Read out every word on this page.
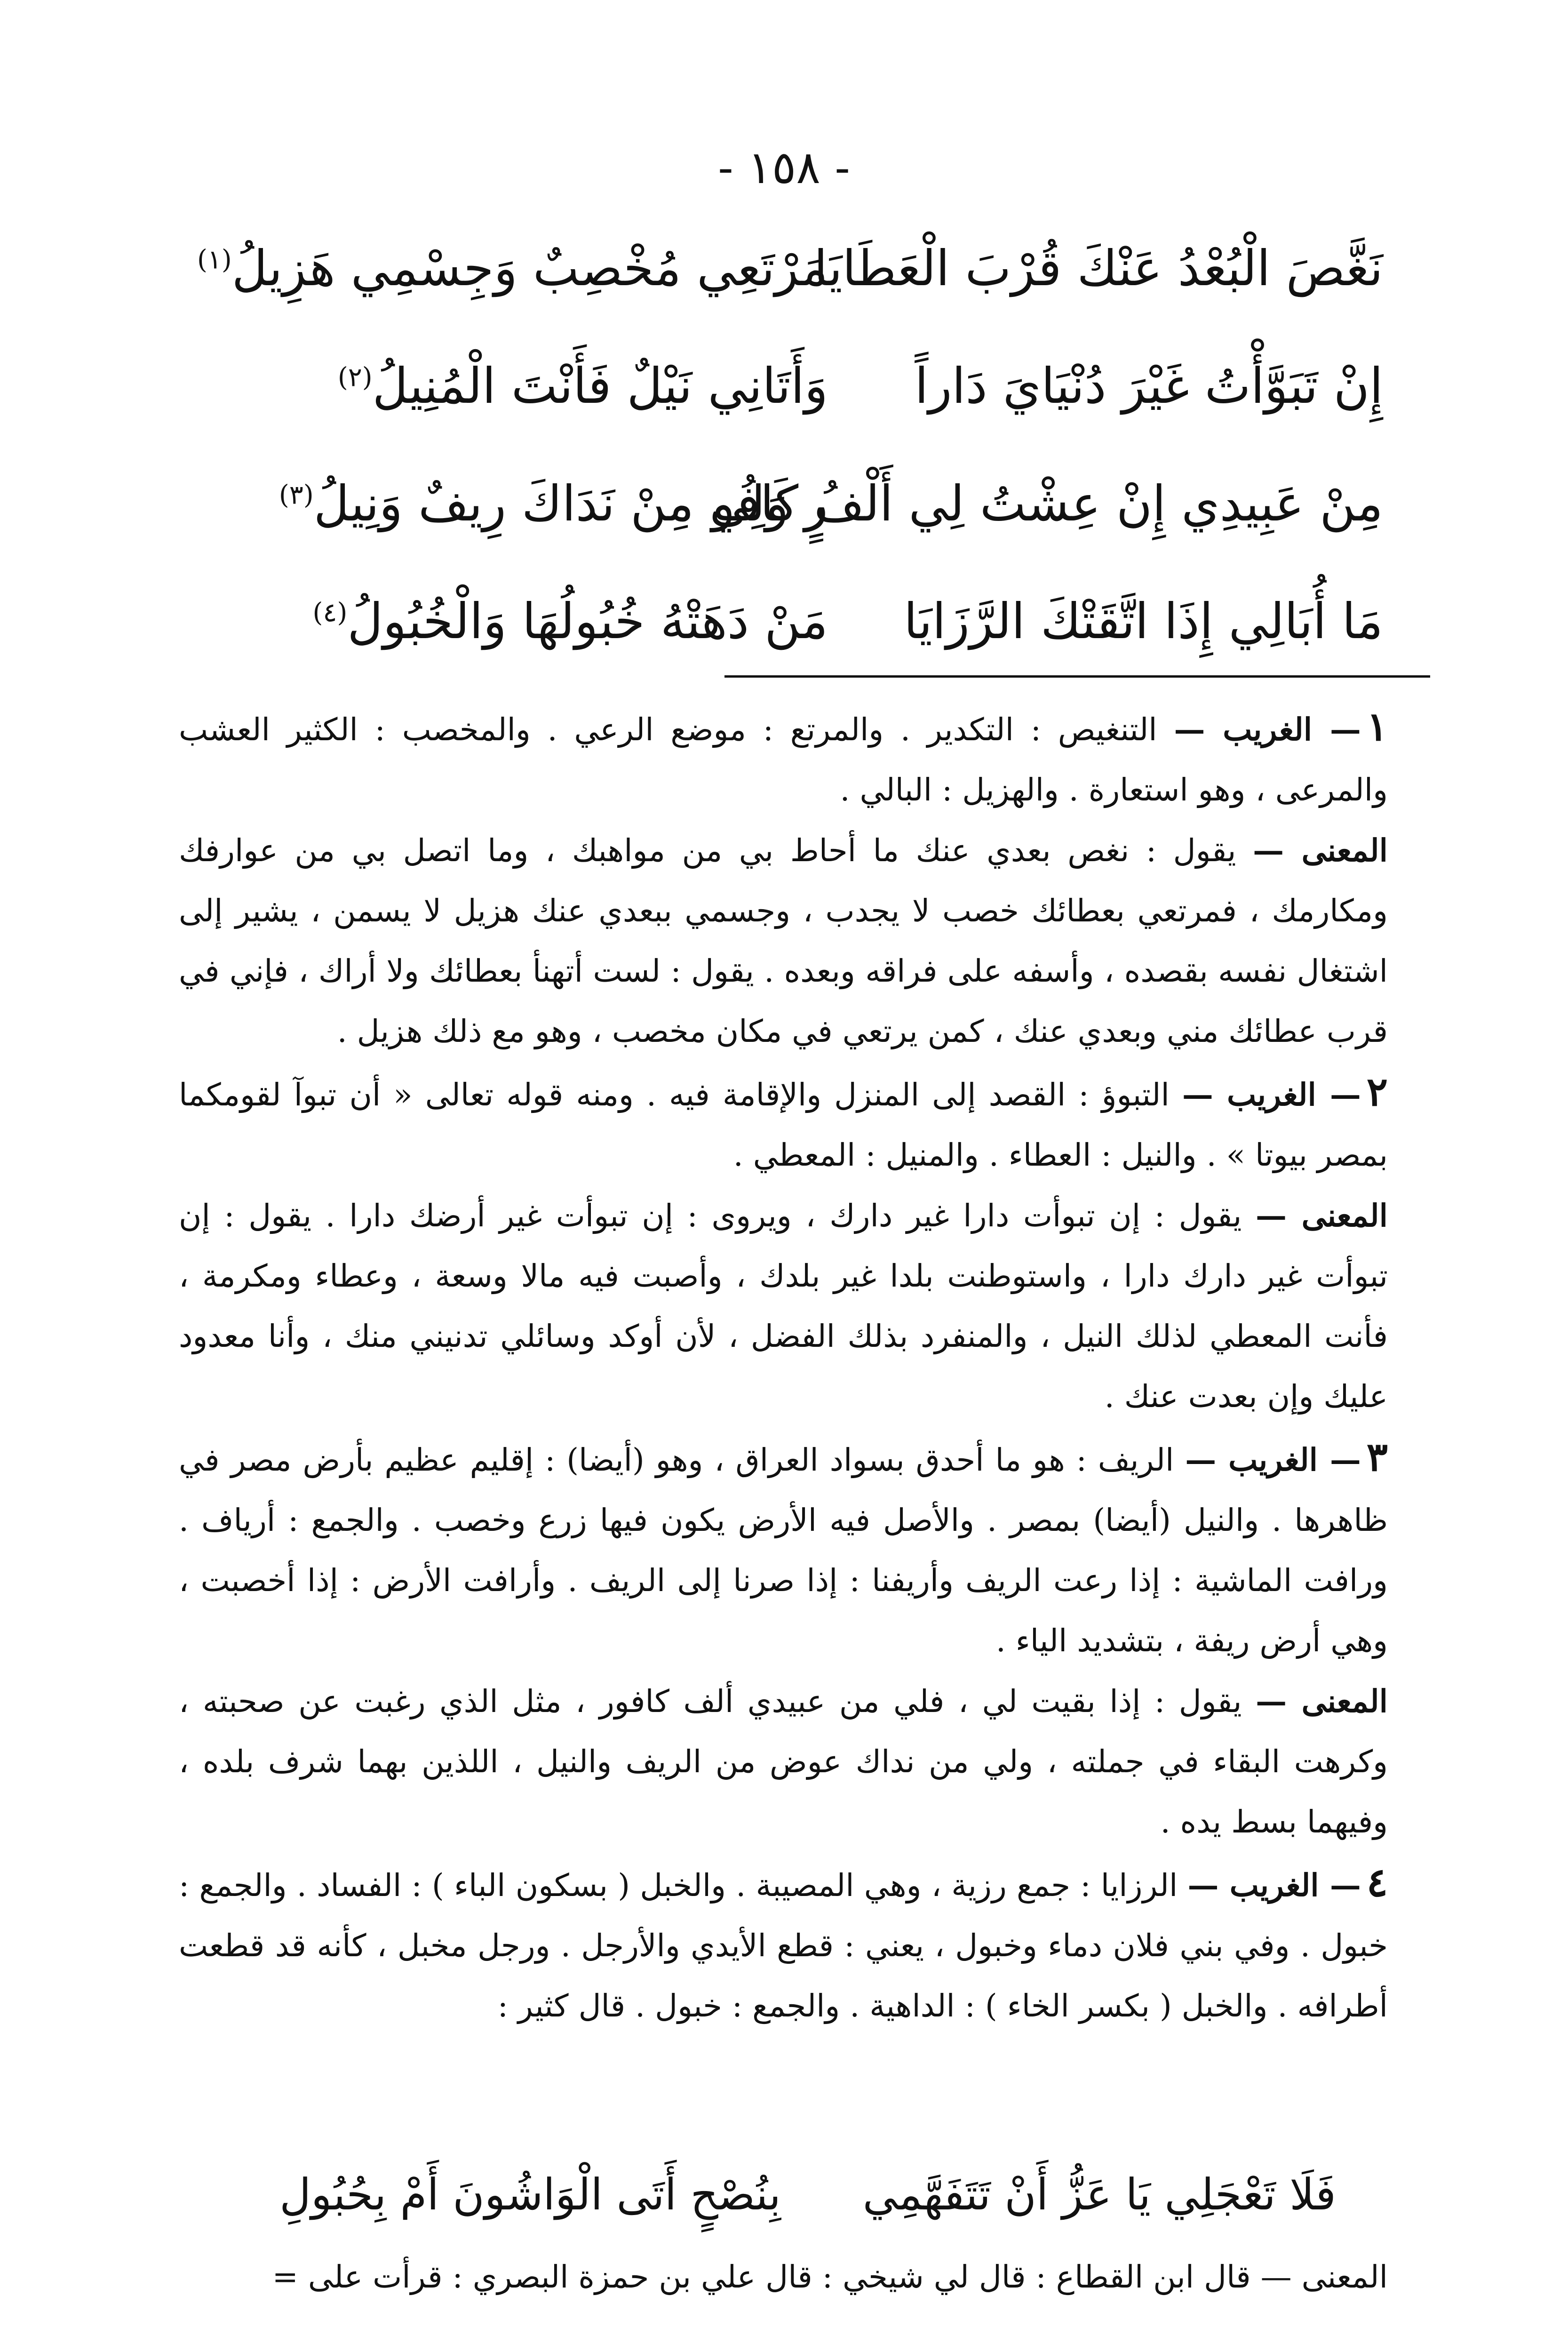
- ١٥٨ -
نَغَّصَ الْبُعْدُ عَنْكَ قُرْبَ الْعَطَايَا
مَرْتَعِي مُخْصِبٌ وَجِسْمِي هَزِيلُ$^{(١)}$
إِنْ تَبَوَّأْتُ غَيْرَ دُنْيَايَ دَاراً
وَأَتَانِي نَيْلٌ فَأَنْتَ الْمُنِيلُ$^{(٢)}$
مِنْ عَبِيدِي إِنْ عِشْتُ لِي أَلْفُ كَافُو
رٍ وَلِي مِنْ نَدَاكَ رِيفٌ وَنِيلُ$^{(٣)}$
مَا أُبَالِي إِذَا اتَّقَتْكَ الرَّزَايَا
مَنْ دَهَتْهُ خُبُولُهَا وَالْخُبُولُ$^{(٤)}$

١— الغريب — التنغيص : التكدير . والمرتع : موضع الرعي . والمخصب : الكثير العشب والمرعى ، وهو استعارة . والهزيل : البالي .

المعنى — يقول : نغص بعدي عنك ما أحاط بي من مواهبك ، وما اتصل بي من عوارفك ومكارمك ، فمرتعي بعطائك خصب لا يجدب ، وجسمي ببعدي عنك هزيل لا يسمن ، يشير إلى اشتغال نفسه بقصده ، وأسفه على فراقه وبعده . يقول : لست أتهنأ بعطائك ولا أراك ، فإني في قرب عطائك مني وبعدي عنك ، كمن يرتعي في مكان مخصب ، وهو مع ذلك هزيل .

٢— الغريب — التبوؤ : القصد إلى المنزل والإقامة فيه . ومنه قوله تعالى « أن تبوآ لقومكما بمصر بيوتا » . والنيل : العطاء . والمنيل : المعطي .

المعنى — يقول : إن تبوأت دارا غير دارك ، ويروى : إن تبوأت غير أرضك دارا . يقول : إن تبوأت غير دارك دارا ، واستوطنت بلدا غير بلدك ، وأصبت فيه مالا وسعة ، وعطاء ومكرمة ، فأنت المعطي لذلك النيل ، والمنفرد بذلك الفضل ، لأن أوكد وسائلي تدنيني منك ، وأنا معدود عليك وإن بعدت عنك .

٣— الغريب — الريف : هو ما أحدق بسواد العراق ، وهو (أيضا) : إقليم عظيم بأرض مصر في ظاهرها . والنيل (أيضا) بمصر . والأصل فيه الأرض يكون فيها زرع وخصب . والجمع : أرياف . ورافت الماشية : إذا رعت الريف وأريفنا : إذا صرنا إلى الريف . وأرافت الأرض : إذا أخصبت ، وهي أرض ريفة ، بتشديد الياء .

المعنى — يقول : إذا بقيت لي ، فلي من عبيدي ألف كافور ، مثل الذي رغبت عن صحبته ، وكرهت البقاء في جملته ، ولي من نداك عوض من الريف والنيل ، اللذين بهما شرف بلده ، وفيهما بسط يده .

٤— الغريب — الرزايا : جمع رزية ، وهي المصيبة . والخبل ( بسكون الباء ) : الفساد . والجمع : خبول . وفي بني فلان دماء وخبول ، يعني : قطع الأيدي والأرجل . ورجل مخبل ، كأنه قد قطعت أطرافه . والخبل ( بكسر الخاء ) : الداهية . والجمع : خبول . قال كثير :

فَلَا تَعْجَلِي يَا عَزُّ أَنْ تَتَفَهَّمِي
بِنُصْحٍ أَتَى الْوَاشُونَ أَمْ بِحُبُولِ
المعنى — قال ابن القطاع : قال لي شيخي : قال علي بن حمزة البصري : قرأت على =
